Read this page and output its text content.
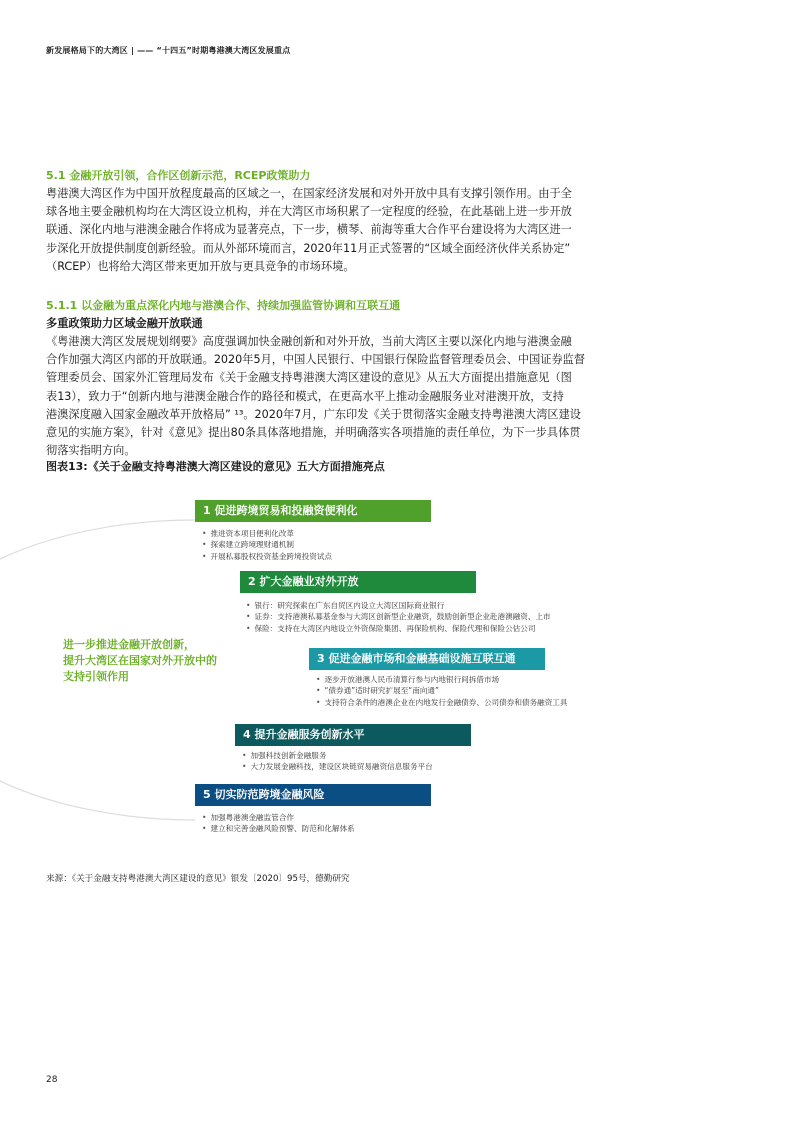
新发展格局下的大湾区 | —— “十四五”时期粤港澳大湾区发展重点
5.1 金融开放引领，合作区创新示范，RCEP政策助力
粤港澳大湾区作为中国开放程度最高的区域之一，在国家经济发展和对外开放中具有支撑引领作用。由于全
球各地主要金融机构均在大湾区设立机构，并在大湾区市场积累了一定程度的经验，在此基础上进一步开放
联通、深化内地与港澳金融合作将成为显著亮点，下一步，横琴、前海等重大合作平台建设将为大湾区进一
步深化开放提供制度创新经验。而从外部环境而言，2020年11月正式签署的“区域全面经济伙伴关系协定”
（RCEP）也将给大湾区带来更加开放与更具竞争的市场环境。
5.1.1 以金融为重点深化内地与港澳合作、持续加强监管协调和互联互通
多重政策助力区域金融开放联通
《粤港澳大湾区发展规划纲要》高度强调加快金融创新和对外开放，当前大湾区主要以深化内地与港澳金融
合作加强大湾区内部的开放联通。2020年5月，中国人民银行、中国银行保险监督管理委员会、中国证券监督
管理委员会、国家外汇管理局发布《关于金融支持粤港澳大湾区建设的意见》从五大方面提出措施意见（图
表13），致力于“创新内地与港澳金融合作的路径和模式，在更高水平上推动金融服务业对港澳开放，支持
港澳深度融入国家金融改革开放格局” ¹³。2020年7月，广东印发《关于贯彻落实金融支持粤港澳大湾区建设
意见的实施方案》，针对《意见》提出80条具体落地措施，并明确落实各项措施的责任单位，为下一步具体贯
彻落实指明方向。
图表13:《关于金融支持粤港澳大湾区建设的意见》五大方面措施亮点
进一步推进金融开放创新，
提升大湾区在国家对外开放中的
支持引领作用
1 促进跨境贸易和投融资便利化
• 推进资本项目便利化改革
• 探索建立跨境理财通机制
• 开展私募股权投资基金跨境投资试点
2 扩大金融业对外开放
• 银行：研究探索在广东自贸区内设立大湾区国际商业银行
• 证券：支持港澳私募基金参与大湾区创新型企业融资，鼓励创新型企业赴港澳融资、上市
• 保险：支持在大湾区内地设立外资保险集团、再保险机构、保险代理和保险公估公司
3 促进金融市场和金融基础设施互联互通
• 逐步开放港澳人民币清算行参与内地银行间拆借市场
• “债券通”适时研究扩展至“南向通”
• 支持符合条件的港澳企业在内地发行金融债券、公司债券和债务融资工具
4 提升金融服务创新水平
• 加强科技创新金融服务
• 大力发展金融科技，建设区块链贸易融资信息服务平台
5 切实防范跨境金融风险
• 加强粤港澳金融监管合作
• 建立和完善金融风险预警、防范和化解体系
来源：《关于金融支持粤港澳大湾区建设的意见》银发〔2020〕95号，德勤研究
28
